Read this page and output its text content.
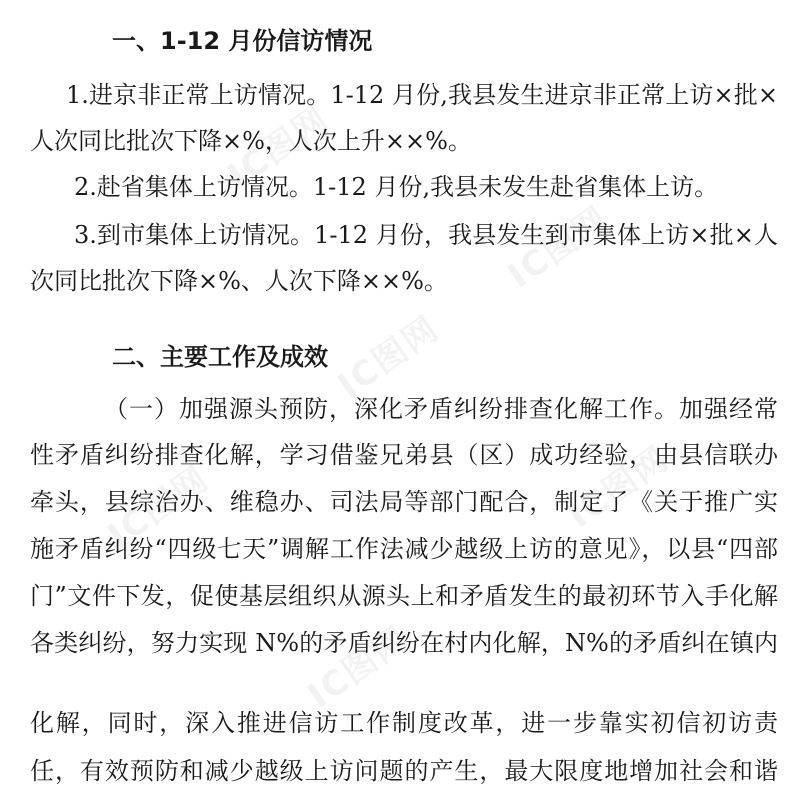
一、1-12 月份信访情况
1.进京非正常上访情况。1-12 月份,我县发生进京非正常上访×批×
人次同比批次下降×%，人次上升××%。
2.赴省集体上访情况。1-12 月份,我县未发生赴省集体上访。
3.到市集体上访情况。1-12 月份，我县发生到市集体上访×批×人
次同比批次下降×%、人次下降××%。
二、主要工作及成效
（一）加强源头预防，深化矛盾纠纷排查化解工作。加强经常
性矛盾纠纷排查化解，学习借鉴兄弟县（区）成功经验，由县信联办
牵头，县综治办、维稳办、司法局等部门配合，制定了《关于推广实
施矛盾纠纷“四级七天”调解工作法减少越级上访的意见》，以县“四部
门”文件下发，促使基层组织从源头上和矛盾发生的最初环节入手化解
各类纠纷，努力实现 N%的矛盾纠纷在村内化解，N%的矛盾纠在镇内
化解，同时，深入推进信访工作制度改革，进一步靠实初信初访责
任，有效预防和减少越级上访问题的产生，最大限度地增加社会和谐
IC图网
IC图网
IC图网
IC图网	IC图网
IC图网
